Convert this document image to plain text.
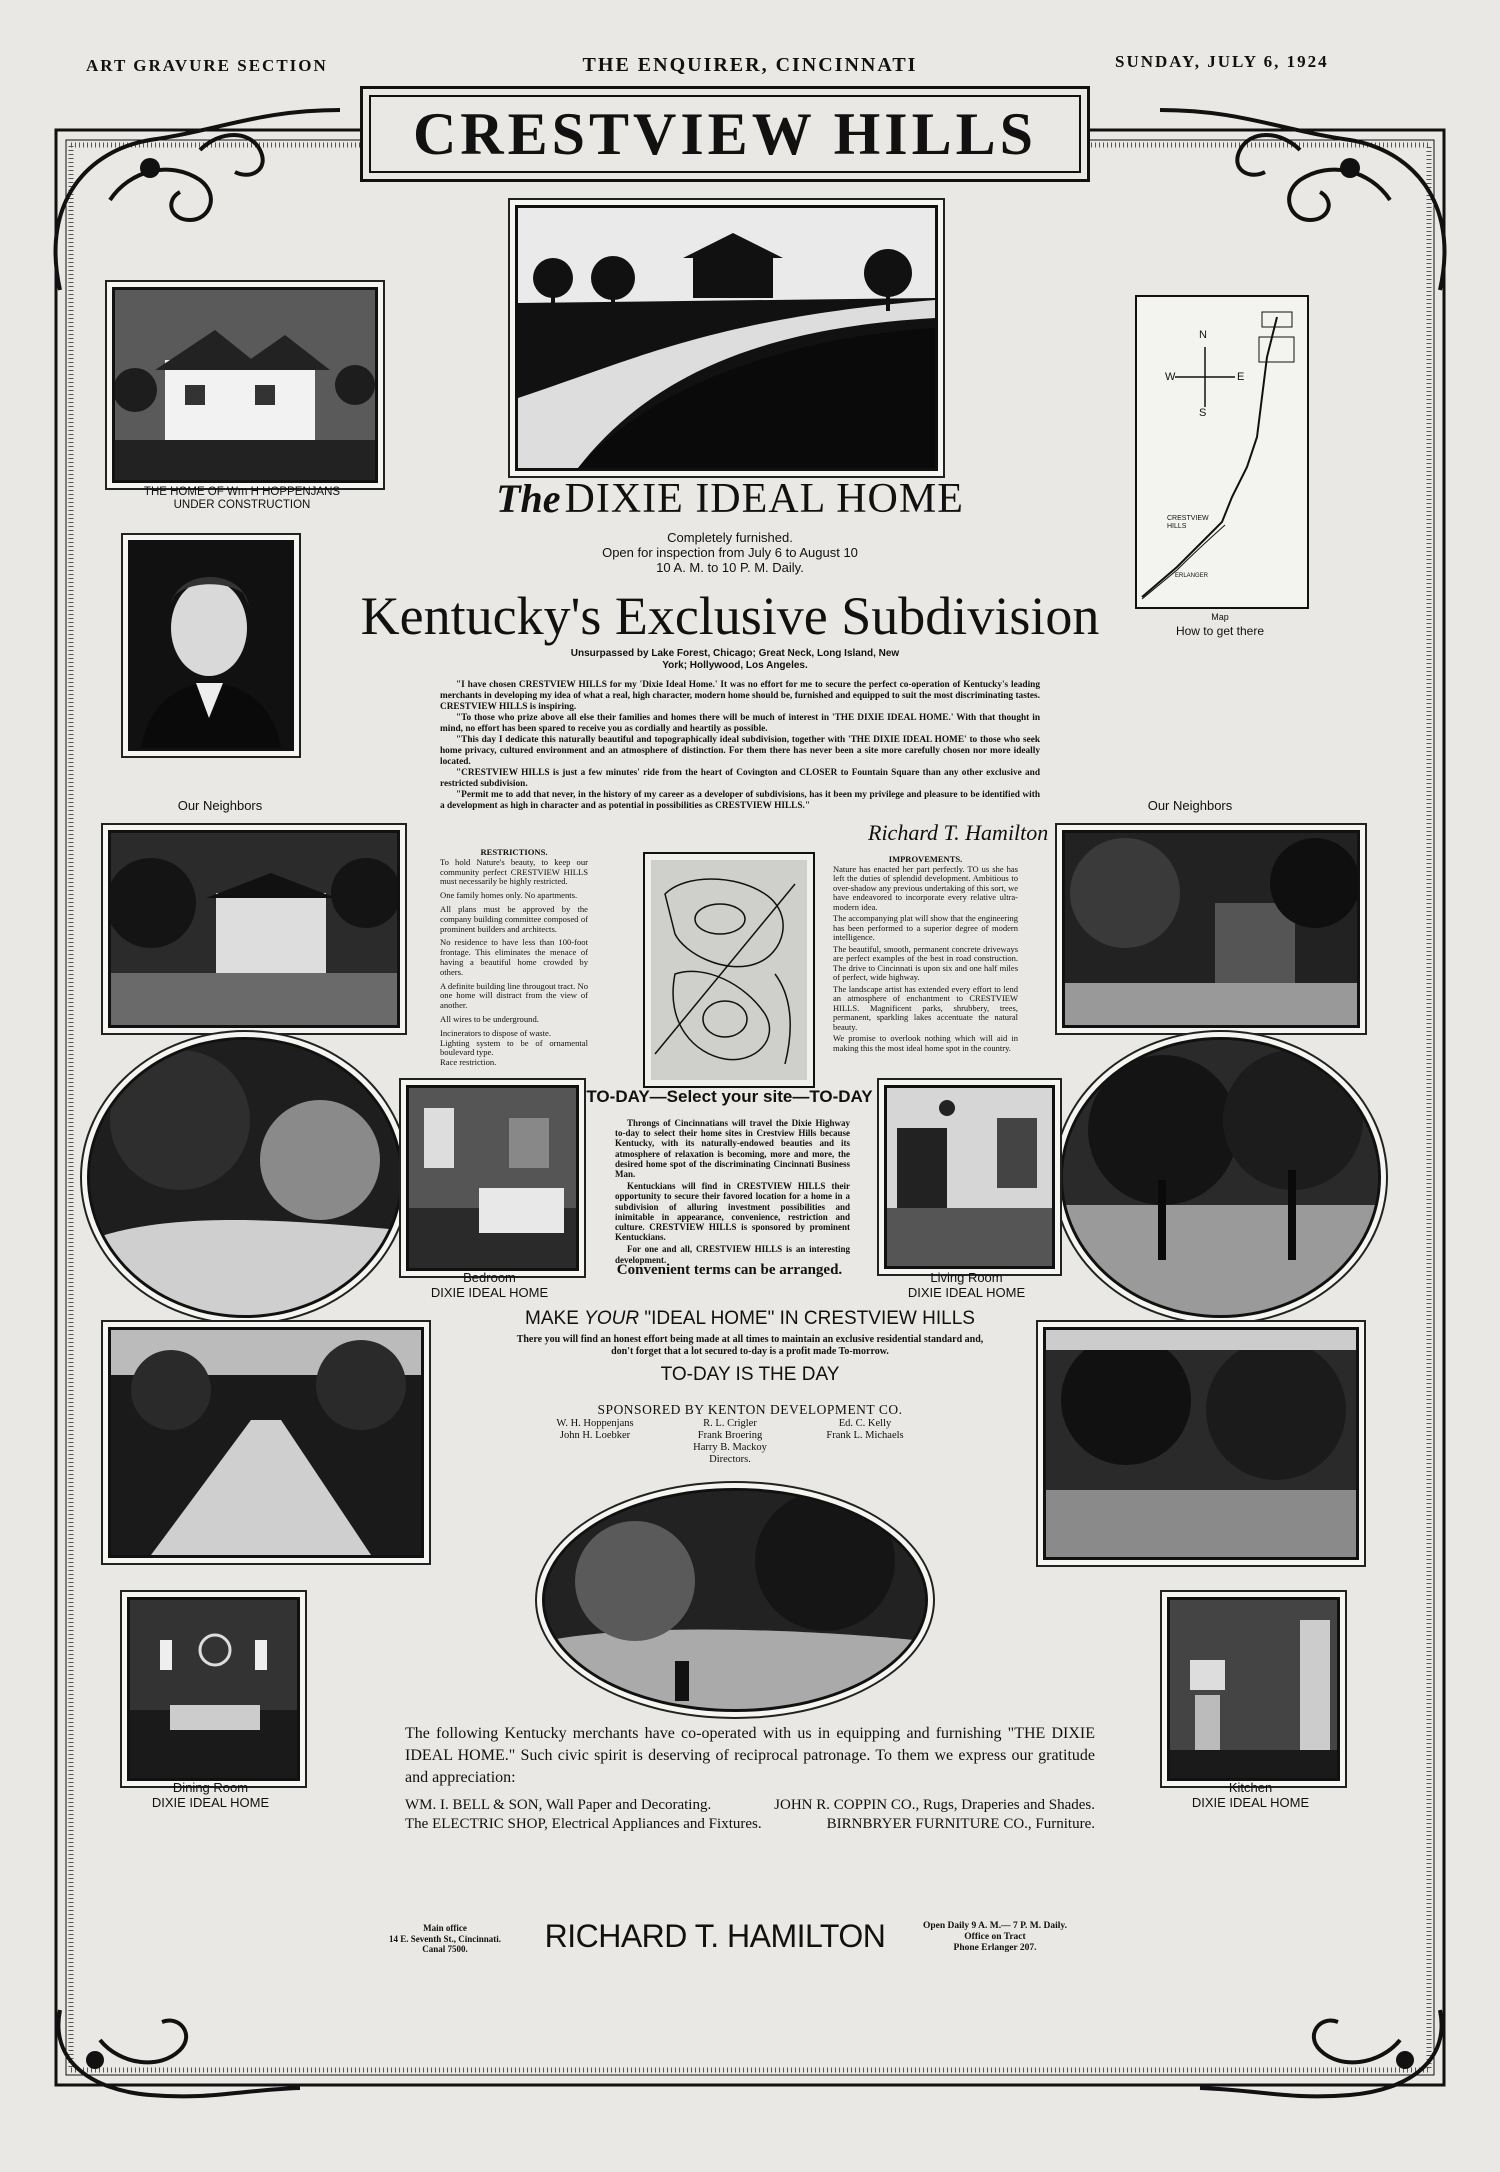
ART GRAVURE SECTION	THE ENQUIRER, CINCINNATI	SUNDAY, JULY 6, 1924
CRESTVIEW HILLS
THE HOME OF Wm H HOPPENJANS
UNDER CONSTRUCTION
N
S
E
W
CRESTVIEW HILLS
ERLANGER
Map
How to get there
The DIXIE IDEAL HOME
Completely furnished.
Open for inspection from July 6 to August 10
10 A. M. to 10 P. M. Daily.
Kentucky's Exclusive Subdivision
Unsurpassed by Lake Forest, Chicago; Great Neck, Long Island, New York; Hollywood, Los Angeles.

"I have chosen CRESTVIEW HILLS for my 'Dixie Ideal Home.' It was no effort for me to secure the perfect co-operation of Kentucky's leading merchants in developing my idea of what a real, high character, modern home should be, furnished and equipped to suit the most discriminating tastes. CRESTVIEW HILLS is inspiring.

"To those who prize above all else their families and homes there will be much of interest in 'THE DIXIE IDEAL HOME.' With that thought in mind, no effort has been spared to receive you as cordially and heartily as possible.

"This day I dedicate this naturally beautiful and topographically ideal subdivision, together with 'THE DIXIE IDEAL HOME' to those who seek home privacy, cultured environment and an atmosphere of distinction. For them there has never been a site more carefully chosen nor more ideally located.

"CRESTVIEW HILLS is just a few minutes' ride from the heart of Covington and CLOSER to Fountain Square than any other exclusive and restricted subdivision.

"Permit me to add that never, in the history of my career as a developer of subdivisions, has it been my privilege and pleasure to be identified with a development as high in character and as potential in possibilities as CRESTVIEW HILLS."

Richard T. Hamilton
Our Neighbors	Our Neighbors
RESTRICTIONS.

To hold Nature's beauty, to keep our community perfect CRESTVIEW HILLS must necessarily be highly restricted.

One family homes only. No apartments.

All plans must be approved by the company building committee composed of prominent builders and architects.

No residence to have less than 100-foot frontage. This eliminates the menace of having a beautiful home crowded by others.

A definite building line througout tract. No one home will distract from the view of another.

All wires to be underground.

Incinerators to dispose of waste.

Lighting system to be of ornamental boulevard type.

Race restriction.

IMPROVEMENTS.

Nature has enacted her part perfectly. TO us she has left the duties of splendid development. Ambitious to over-shadow any previous undertaking of this sort, we have endeavored to incorporate every relative ultra-modern idea.

The accompanying plat will show that the engineering has been performed to a superior degree of modern intelligence.

The beautiful, smooth, permanent concrete driveways are perfect examples of the best in road construction. The drive to Cincinnati is upon six and one half miles of perfect, wide highway.

The landscape artist has extended every effort to lend an atmosphere of enchantment to CRESTVIEW HILLS. Magnificent parks, shrubbery, trees, permanent, sparkling lakes accentuate the natural beauty.

We promise to overlook nothing which will aid in making this the most ideal home spot in the country.

Bedroom
DIXIE IDEAL HOME
Living Room
DIXIE IDEAL HOME
TO-DAY—Select your site—TO-DAY

Throngs of Cincinnatians will travel the Dixie Highway to-day to select their home sites in Crestview Hills because Kentucky, with its naturally-endowed beauties and its atmosphere of relaxation is becoming, more and more, the desired home spot of the discriminating Cincinnati Business Man.

Kentuckians will find in CRESTVIEW HILLS their opportunity to secure their favored location for a home in a subdivision of alluring investment possibilities and inimitable in appearance, convenience, restriction and culture. CRESTVIEW HILLS is sponsored by prominent Kentuckians.

For one and all, CRESTVIEW HILLS is an interesting development.

Convenient terms can be arranged.
MAKE YOUR "IDEAL HOME" IN CRESTVIEW HILLS
There you will find an honest effort being made at all times to maintain an exclusive residential standard and, don't forget that a lot secured to-day is a profit made To-morrow.
TO-DAY IS THE DAY
SPONSORED BY KENTON DEVELOPMENT CO.
W. H. Hoppenjans
John H. Loebker
R. L. Crigler
Frank Broering
Harry B. Mackoy
Directors.
Ed. C. Kelly
Frank L. Michaels
Dining Room
DIXIE IDEAL HOME
Kitchen
DIXIE IDEAL HOME
The following Kentucky merchants have co-operated with us in equipping and furnishing "THE DIXIE IDEAL HOME." Such civic spirit is deserving of reciprocal patronage. To them we express our gratitude and appreciation:
WM. I. BELL & SON, Wall Paper and Decorating.	JOHN R. COPPIN CO., Rugs, Draperies and Shades.
The ELECTRIC SHOP, Electrical Appliances and Fixtures.	BIRNBRYER FURNITURE CO., Furniture.
Main office
14 E. Seventh St., Cincinnati.
Canal 7500.	RICHARD T. HAMILTON	Open Daily 9 A. M.— 7 P. M. Daily.
Office on Tract
Phone Erlanger 207.
